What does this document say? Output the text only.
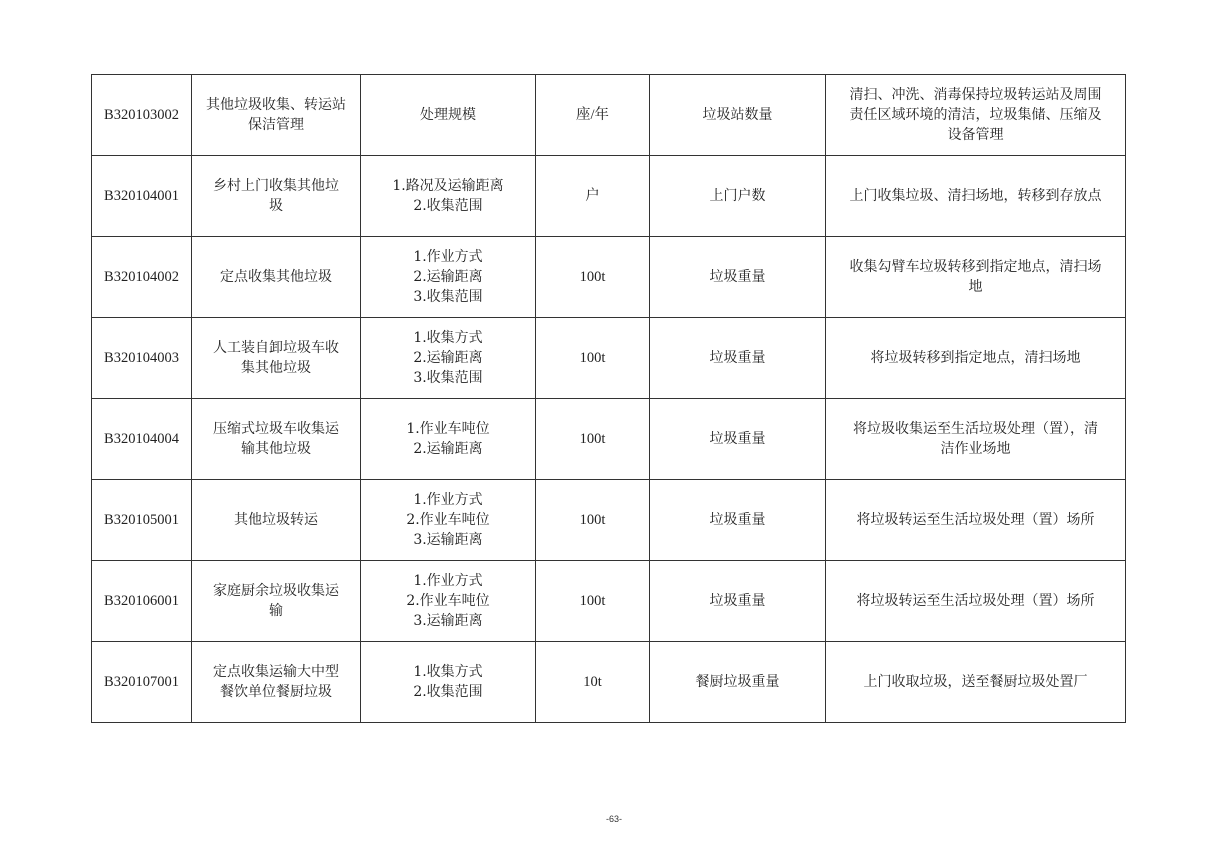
B320103002	其他垃圾收集、转运站
保洁管理	处理规模	座/年	垃圾站数量	清扫、冲洗、消毒保持垃圾转运站及周围
责任区域环境的清洁，垃圾集储、压缩及
设备管理

B320104001	乡村上门收集其他垃
圾	1.路况及运输距离
2.收集范围	户	上门户数	上门收集垃圾、清扫场地，转移到存放点

B320104002	定点收集其他垃圾	1.作业方式
2.运输距离
3.收集范围	100t	垃圾重量	收集勾臂车垃圾转移到指定地点，清扫场
地

B320104003	人工装自卸垃圾车收
集其他垃圾	1.收集方式
2.运输距离
3.收集范围	100t	垃圾重量	将垃圾转移到指定地点，清扫场地

B320104004	压缩式垃圾车收集运
输其他垃圾	1.作业车吨位
2.运输距离	100t	垃圾重量	将垃圾收集运至生活垃圾处理（置），清
洁作业场地

B320105001	其他垃圾转运	1.作业方式
2.作业车吨位
3.运输距离	100t	垃圾重量	将垃圾转运至生活垃圾处理（置）场所

B320106001	家庭厨余垃圾收集运
输	1.作业方式
2.作业车吨位
3.运输距离	100t	垃圾重量	将垃圾转运至生活垃圾处理（置）场所

B320107001	定点收集运输大中型
餐饮单位餐厨垃圾	1.收集方式
2.收集范围	10t	餐厨垃圾重量	上门收取垃圾，送至餐厨垃圾处置厂
-63-
